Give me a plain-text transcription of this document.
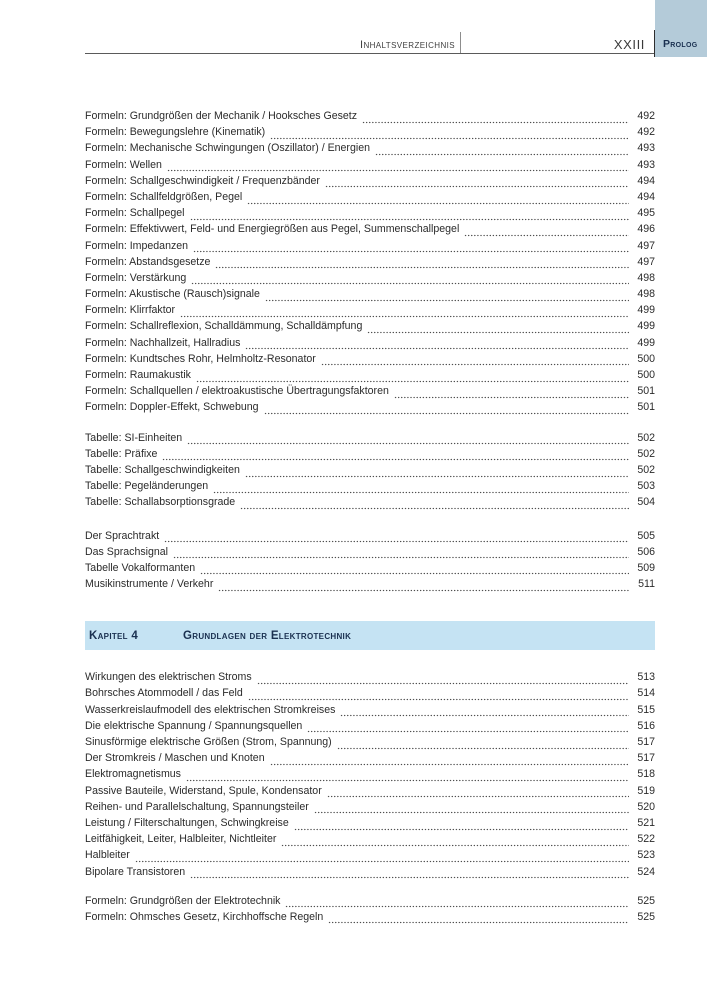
Inhaltsverzeichnis	XXIII Prolog
Formeln: Grundgrößen der Mechanik / Hooksches Gesetz	492
Formeln: Bewegungslehre (Kinematik)	492
Formeln: Mechanische Schwingungen (Oszillator) / Energien	493
Formeln: Wellen	493
Formeln: Schallgeschwindigkeit / Frequenzbänder	494
Formeln: Schallfeldgrößen, Pegel	494
Formeln: Schallpegel	495
Formeln: Effektivwert, Feld- und Energiegrößen aus Pegel, Summenschallpegel	496
Formeln: Impedanzen	497
Formeln: Abstandsgesetze	497
Formeln: Verstärkung	498
Formeln: Akustische (Rausch)signale	498
Formeln: Klirrfaktor	499
Formeln: Schallreflexion, Schalldämmung, Schalldämpfung	499
Formeln: Nachhallzeit, Hallradius	499
Formeln: Kundtsches Rohr, Helmholtz-Resonator	500
Formeln: Raumakustik	500
Formeln: Schallquellen / elektroakustische Übertragungsfaktoren	501
Formeln: Doppler-Effekt, Schwebung	501
Tabelle: SI-Einheiten	502
Tabelle: Präfixe	502
Tabelle: Schallgeschwindigkeiten	502
Tabelle: Pegeländerungen	503
Tabelle: Schallabsorptionsgrade	504
Der Sprachtrakt	505
Das Sprachsignal	506
Tabelle Vokalformanten	509
Musikinstrumente / Verkehr	511
Kapitel 4	Grundlagen der Elektrotechnik
Wirkungen des elektrischen Stroms	513
Bohrsches Atommodell / das Feld	514
Wasserkreislaufmodell des elektrischen Stromkreises	515
Die elektrische Spannung / Spannungsquellen	516
Sinusförmige elektrische Größen (Strom, Spannung)	517
Der Stromkreis / Maschen und Knoten	517
Elektromagnetismus	518
Passive Bauteile, Widerstand, Spule, Kondensator	519
Reihen- und Parallelschaltung, Spannungsteiler	520
Leistung / Filterschaltungen, Schwingkreise	521
Leitfähigkeit, Leiter, Halbleiter, Nichtleiter	522
Halbleiter	523
Bipolare Transistoren	524
Formeln: Grundgrößen der Elektrotechnik	525
Formeln: Ohmsches Gesetz, Kirchhoffsche Regeln	525
